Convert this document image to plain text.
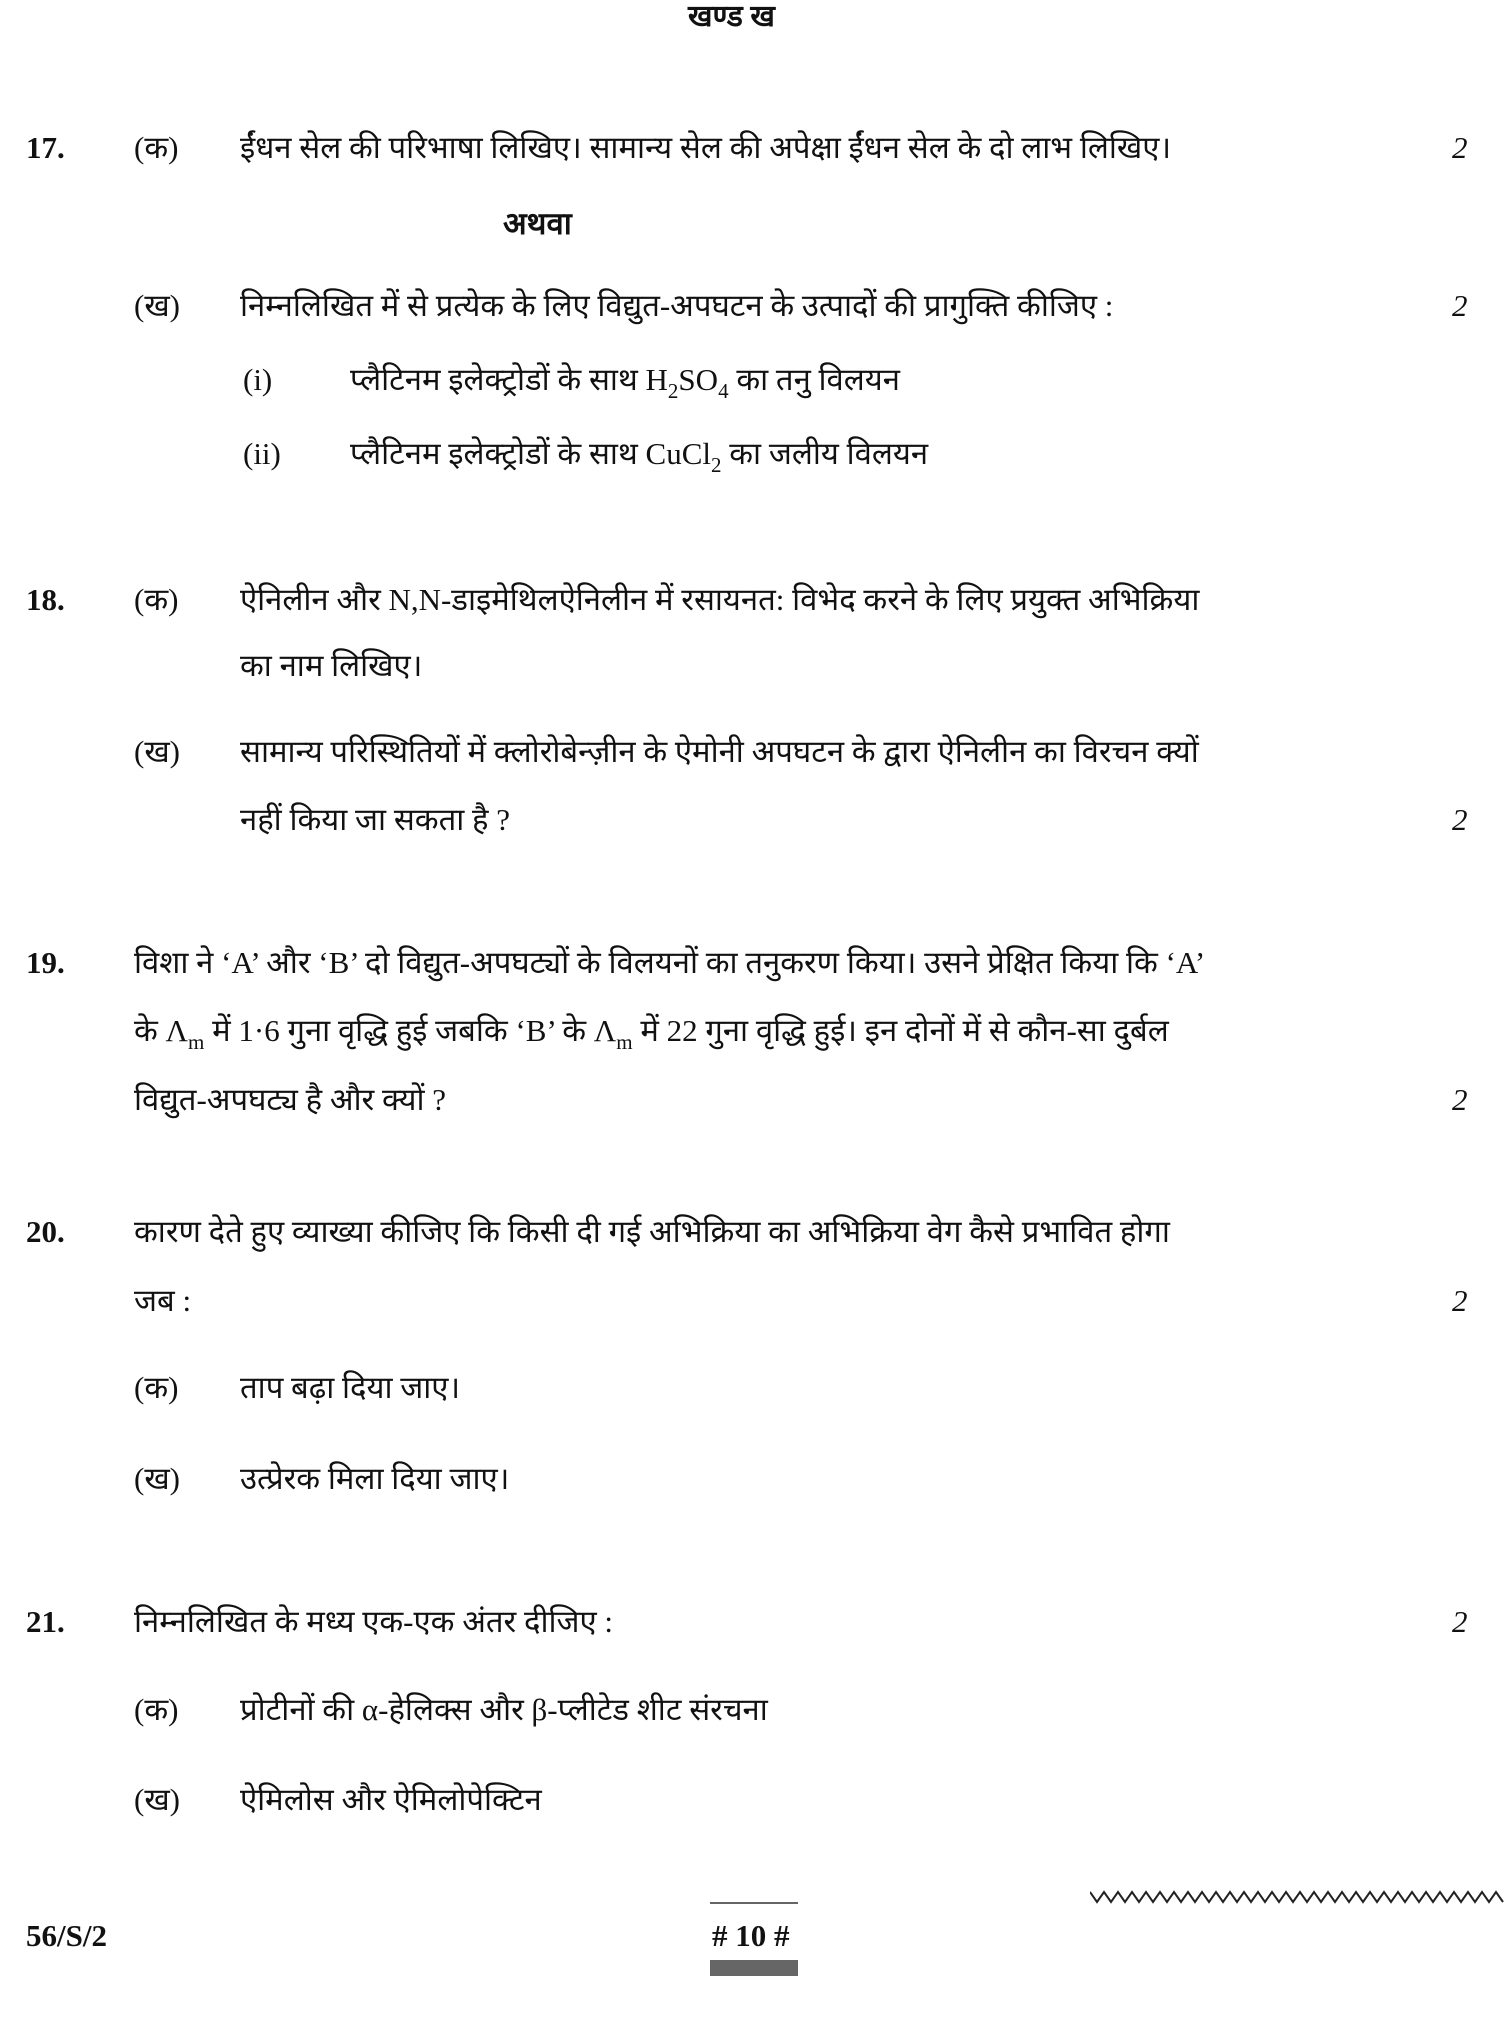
खण्ड ख
17. (क) ईंधन सेल की परिभाषा लिखिए। सामान्य सेल की अपेक्षा ईंधन सेल के दो लाभ लिखिए।	2
अथवा
(ख) निम्नलिखित में से प्रत्येक के लिए विद्युत-अपघटन के उत्पादों की प्रागुक्ति कीजिए :	2
(i)	प्लैटिनम इलेक्ट्रोडों के साथ $H_2SO_4$ का तनु विलयन
(ii) प्लैटिनम इलेक्ट्रोडों के साथ CuCl$_2$ का जलीय विलयन
18. (क) ऐनिलीन और N,N-डाइमेथिलऐनिलीन में रसायनत: विभेद करने के लिए प्रयुक्त अभिक्रिया
का नाम लिखिए।
(ख) सामान्य परिस्थितियों में क्लोरोबेन्ज़ीन के ऐमोनी अपघटन के द्वारा ऐनिलीन का विरचन क्यों
नहीं किया जा सकता है ?	2
19. विशा ने ‘A’ और ‘B’ दो विद्युत-अपघट्यों के विलयनों का तनुकरण किया। उसने प्रेक्षित किया कि ‘A’
के $\Lambda_m$ में 1·6 गुना वृद्धि हुई जबकि ‘B’ के $\Lambda_m$ में 22 गुना वृद्धि हुई। इन दोनों में से कौन-सा दुर्बल
विद्युत-अपघट्य है और क्यों ?	2
20. कारण देते हुए व्याख्या कीजिए कि किसी दी गई अभिक्रिया का अभिक्रिया वेग कैसे प्रभावित होगा
जब :	2
(क) ताप बढ़ा दिया जाए।
(ख) उत्प्रेरक मिला दिया जाए।
21. निम्नलिखित के मध्य एक-एक अंतर दीजिए :	2
(क) प्रोटीनों की α-हेलिक्स और β-प्लीटेड शीट संरचना
(ख) ऐमिलोस और ऐमिलोपेक्टिन
56/S/2	# 10 #
